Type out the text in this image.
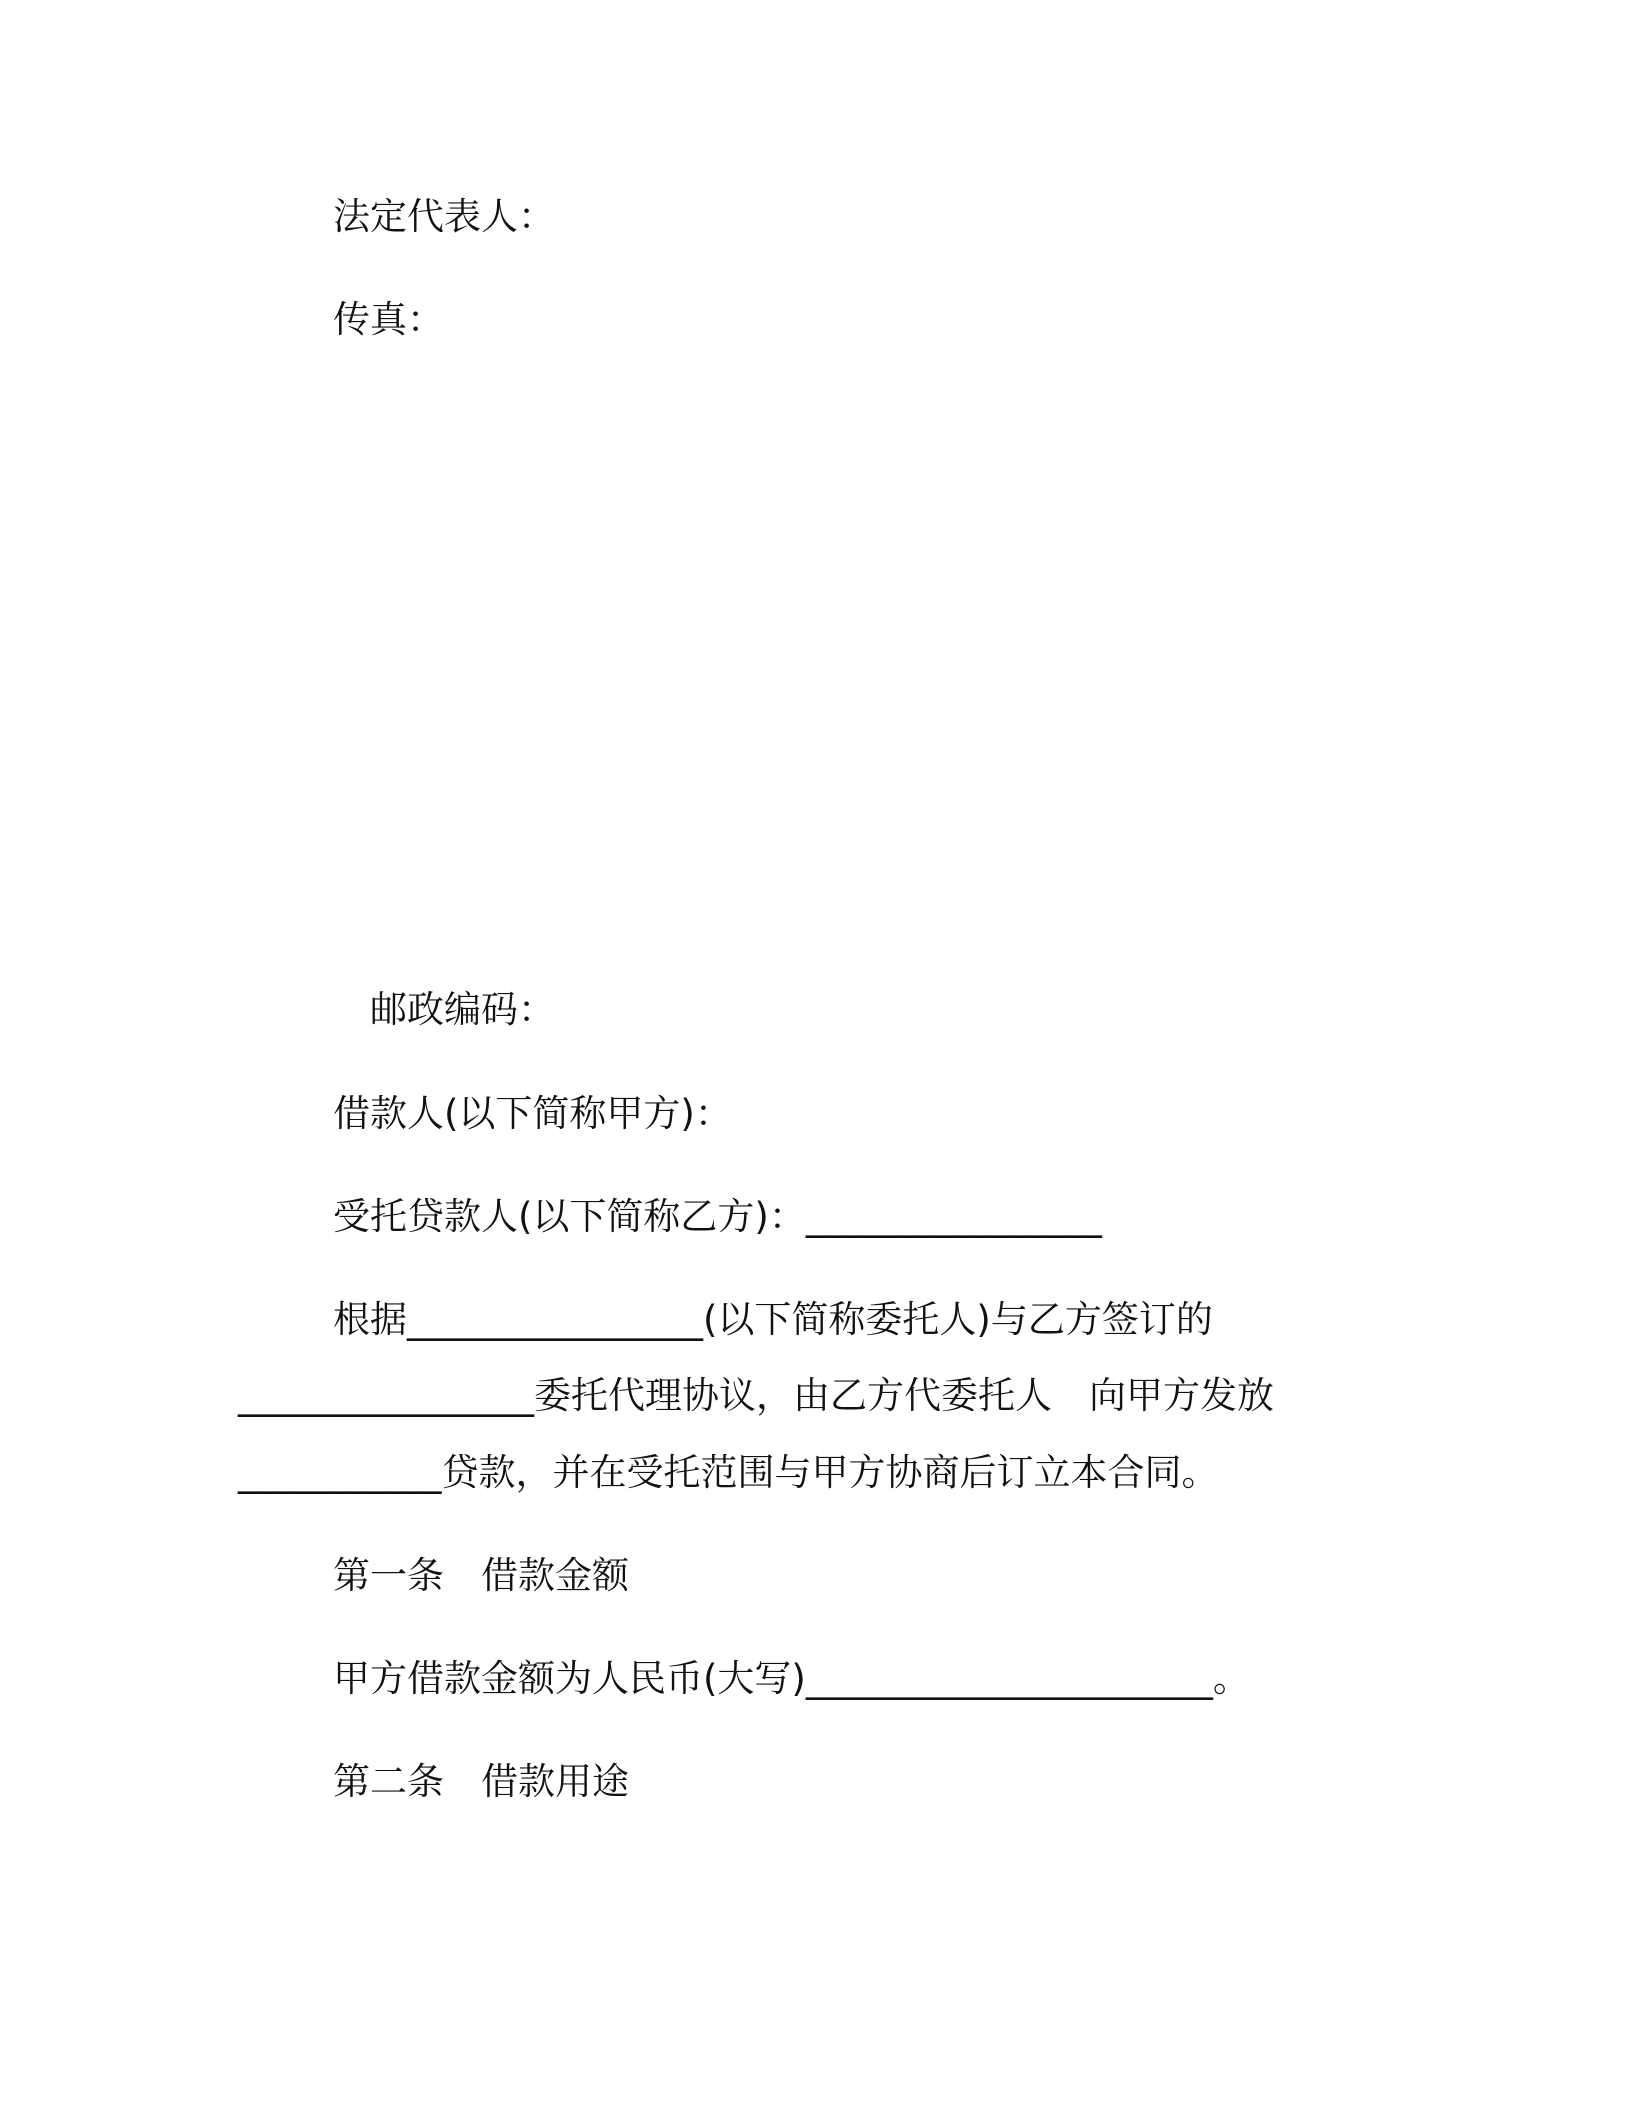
法定代表人：
传真：
邮政编码：
借款人(以下简称甲方)：
受托贷款人(以下简称乙方)：________________
根据________________(以下简称委托人)与乙方签订的
________________委托代理协议，由乙方代委托人　向甲方发放
___________贷款，并在受托范围与甲方协商后订立本合同。
第一条　借款金额
甲方借款金额为人民币(大写)______________________。
第二条　借款用途
